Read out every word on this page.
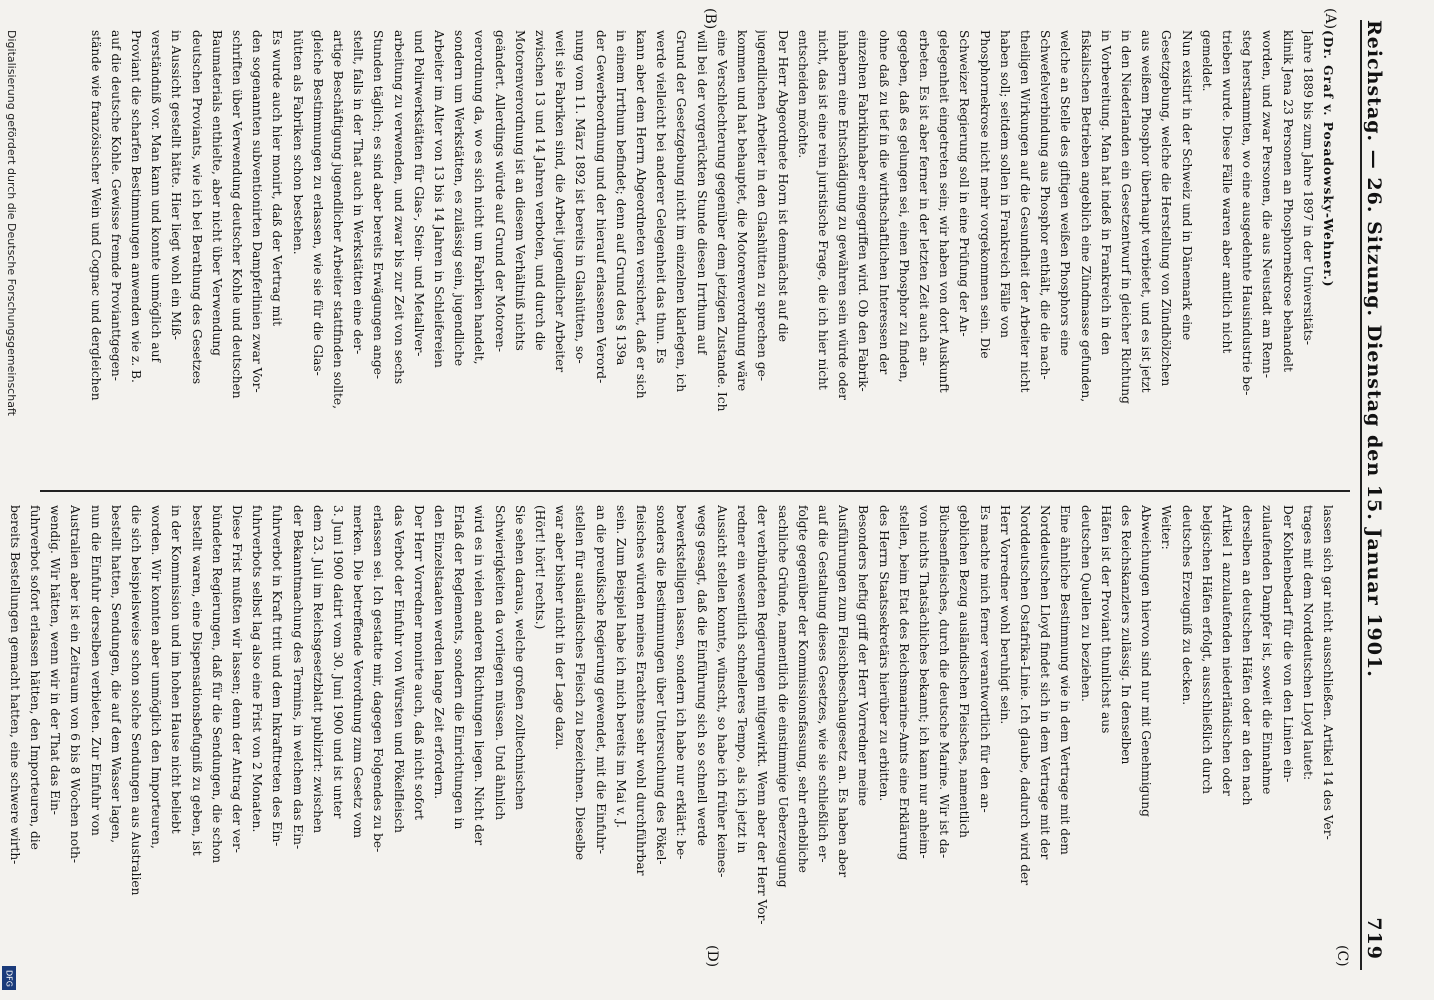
Reichstag. — 26. Sitzung. Dienstag den 15. Januar 1901.
719
(A)
(B)
(C)
(D)
(Dr. Graf v. Posadowsky-Wehner.)
Jahre 1889 bis zum Jahre 1897 in der Universitäts-
klinik Jena 23 Personen an Phosphornekrose behandelt
worden, und zwar Personen, die aus Neustadt am Renn-
steg herstammten, wo eine ausgedehnte Hausindustrie be-
trieben wurde. Diese Fälle waren aber amtlich nicht
gemeldet.
Nun existirt in der Schweiz und in Dänemark eine
Gesetzgebung, welche die Herstellung von Zündhölzchen
aus weißem Phosphor überhaupt verbietet, und es ist jetzt
in den Niederlanden ein Gesetzentwurf in gleicher Richtung
in Vorbereitung. Man hat indeß in Frankreich in den
fiskalischen Betrieben angeblich eine Zündmasse gefunden,
welche an Stelle des giftigen weißen Phosphors eine
Schwefelverbindung aus Phosphor enthält, die die nach-
theiligen Wirkungen auf die Gesundheit der Arbeiter nicht
haben soll; seitdem sollen in Frankreich Fälle von
Phosphornekrose nicht mehr vorgekommen sein. Die
Schweizer Regierung soll in eine Prüfung der An-
gelegenheit eingetreten sein; wir haben von dort Auskunft
erbeten. Es ist aber ferner in der letzten Zeit auch an-
gegeben, daß es gelungen sei, einen Phosphor zu finden,
ohne daß zu tief in die wirthschaftlichen Interessen der
einzelnen Fabrikinhaber eingegriffen wird. Ob den Fabrik-
inhabern eine Entschädigung zu gewähren sein würde oder
nicht, das ist eine rein juristische Frage, die ich hier nicht
entscheiden möchte.
Der Herr Abgeordnete Horn ist demnächst auf die
jugendlichen Arbeiter in den Glashütten zu sprechen ge-
kommen und hat behauptet, die Motorenverordnung wäre
eine Verschlechterung gegenüber dem jetzigen Zustande. Ich
will bei der vorgerückten Stunde diesen Irrthum auf
Grund der Gesetzgebung nicht im einzelnen klarlegen, ich
werde vielleicht bei anderer Gelegenheit das thun. Es
kann aber dem Herrn Abgeordneten versichert, daß er sich
in einem Irrthum befindet; denn auf Grund des § 139a
der Gewerbeordnung und der hierauf erlassenen Verord-
nung vom 11. März 1892 ist bereits in Glashütten, so-
weit sie Fabriken sind, die Arbeit jugendlicher Arbeiter
zwischen 13 und 14 Jahren verboten, und durch die
Motorenverordnung ist an diesem Verhältniß nichts
geändert. Allerdings würde auf Grund der Motoren-
verordnung da, wo es sich nicht um Fabriken handelt,
sondern um Werkstätten, es zulässig sein, jugendliche
Arbeiter im Alter von 13 bis 14 Jahren in Schleifereien
und Polirwerkstätten für Glas-, Stein- und Metallver-
arbeitung zu verwenden, und zwar bis zur Zeit von sechs
Stunden täglich; es sind aber bereits Erwägungen ange-
stellt, falls in der That auch in Werkstätten eine der-
artige Beschäftigung jugendlicher Arbeiter stattfinden sollte,
gleiche Bestimmungen zu erlassen, wie sie für die Glas-
hütten als Fabriken schon bestehen.
Es wurde auch hier monirt, daß der Vertrag mit
den sogenannten subventionirten Dampferlinien zwar Vor-
schriften über Verwendung deutscher Kohle und deutschen
Baumaterials enthielte, aber nicht über Verwendung
deutschen Proviants, wie ich bei Berathung des Gesetzes
in Aussicht gestellt hätte. Hier liegt wohl ein Miß-
verständniß vor. Man kann und konnte unmöglich auf
Proviant die scharfen Bestimmungen anwenden wie z. B.
auf die deutsche Kohle. Gewisse fremde Provianttgegen-
stände wie französischer Wein und Cognac und dergleichen
lassen sich gar nicht ausschließen. Artikel 14 des Ver-
trages mit dem Norddeutschen Lloyd lautet:
Der Kohlenbedarf für die von den Linien ein-
zulaufenden Dampfer ist, soweit die Einnahme
derselben an deutschen Häfen oder an den nach
Artikel 1 anzulaufenden niederländischen oder
belgischen Häfen erfolgt, ausschließlich durch
deutsches Erzeugniß zu decken.
Weiter:
Abweichungen hiervon sind nur mit Genehmigung
des Reichskanzlers zulässig. In denselben
Häfen ist der Proviant thunlichst aus
deutschen Quellen zu beziehen.
Eine ähnliche Bestimmung wie in dem Vertrage mit dem
Norddeutschen Lloyd findet sich in dem Vertrage mit der
Norddeutschen Ostafrika-Linie. Ich glaube, dadurch wird der
Herr Vorredner wohl beruhigt sein.
Es machte mich ferner verantwortlich für den an-
geblichen Bezug ausländischen Fleisches, namentlich
Büchsenfleisches, durch die deutsche Marine. Wir ist da-
von nichts Thatsächliches bekannt; ich kann nur anheim-
stellen, beim Etat des Reichsmarine-Amts eine Erklärung
des Herrn Staatssekretärs hierüber zu erbitten.
Besonders heftig griff der Herr Vorredner meine
Ausführungen zum Fleischbeschaugesetz an. Es haben aber
auf die Gestaltung dieses Gesetzes, wie sie schließlich er-
folgte gegenüber der Kommissionsfassung, sehr erhebliche
sachliche Gründe, namentlich die einstimmige Ueberzeugung
der verbündeten Regierungen mitgewirkt. Wenn aber der Herr Vor-
redner ein wesentlich schnelleres Tempo, als ich jetzt in
Aussicht stellen konnte, wünscht, so habe ich früher keines-
wegs gesagt, daß die Einführung sich so schnell werde
bewerkstelligen lassen, sondern ich habe nur erklärt: be-
sonders die Bestimmungen über Untersuchung des Pökel-
fleisches würden meines Erachtens sehr wohl durchführbar
sein. Zum Beispiel habe ich mich bereits im Mai v. J.
an die preußische Regierung gewendet, mit die Einfuhr-
stellen für ausländisches Fleisch zu bezeichnen. Dieselbe
war aber bisher nicht in der Lage dazu.
(Hört! hört! rechts.)
Sie sehen daraus, welche großen zolltechnischen
Schwierigkeiten da vorliegen müssen. Und ähnlich
wird es in vielen anderen Richtungen liegen. Nicht der
Erlaß der Reglements, sondern die Einrichtungen in
den Einzelstaaten werden lange Zeit erfordern.
Der Herr Vorredner monirte auch, daß nicht sofort
das Verbot der Einfuhr von Würsten und Pökelfleisch
erlassen sei. Ich gestatte mir, dagegen Folgendes zu be-
merken. Die betreffende Verordnung zum Gesetz vom
3. Juni 1900 datirt vom 30. Juni 1900 und ist unter
dem 23. Juli im Reichsgesetzblatt publizirt: zwischen
der Bekanntmachung des Termins, in welchem das Ein-
fuhrverbot in Kraft tritt und dem Inkrafttreten des Ein-
fuhrverbots selbst lag also eine Frist von 2 Monaten.
Diese Frist mußten wir lassen; denn der Antrag der ver-
bündeten Regierungen, daß für die Sendungen, die schon
bestellt waren, eine Dispensationsbefugniß zu geben, ist
in der Kommission und im hohen Hause nicht beliebt
worden. Wir konnten aber unmöglich den Importeuren,
die sich beispielsweise schon solche Sendungen aus Australien
bestellt hatten, Sendungen, die auf dem Wasser lagen,
nun die Einfuhr derselben verbieten. Zur Einfuhr von
Australien aber ist ein Zeitraum von 6 bis 8 Wochen noth-
wendig. Wir hätten, wenn wir in der That das Ein-
fuhrverbot sofort erlassen hätten, den Importeuren, die
bereits Bestellungen gemacht hatten, eine schwere wirth-
Digitalisierung gefördert durch die Deutsche Forschungsgemeinschaft
DFG
